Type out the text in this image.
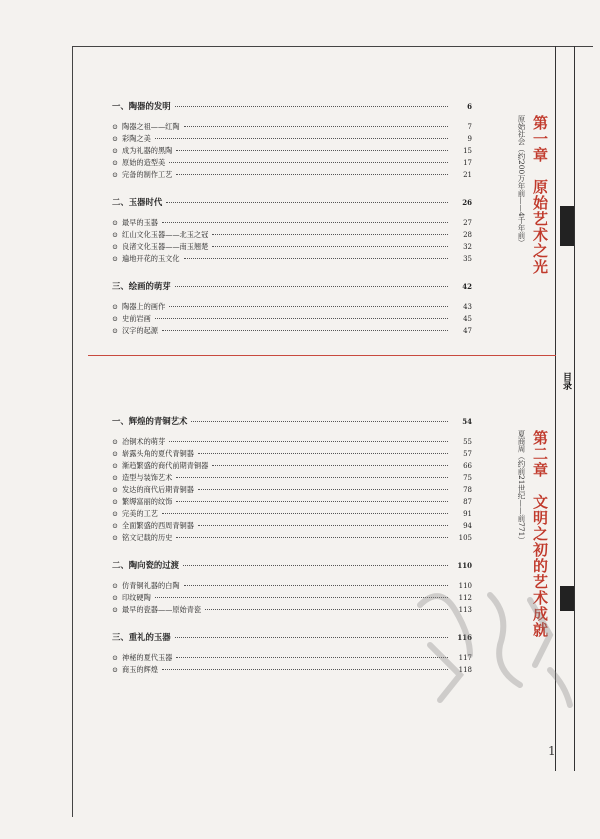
一、陶器的发明	6
⊙ 陶器之祖——红陶	7
⊙ 彩陶之美	9
⊙ 成为礼器的黑陶	15
⊙ 原始的造型美	17
⊙ 完备的制作工艺	21
二、玉器时代	26
⊙ 最早的玉器	27
⊙ 红山文化玉器——北玉之冠	28
⊙ 良渚文化玉器——南玉翘楚	32
⊙ 遍地开花的玉文化	35
三、绘画的萌芽	42
⊙ 陶器上的画作	43
⊙ 史前岩画	45
⊙ 汉字的起源	47
一、辉煌的青铜艺术	54
⊙ 冶铜术的萌芽	55
⊙ 崭露头角的夏代青铜器	57
⊙ 渐趋繁盛的商代前期青铜器	66
⊙ 造型与装饰艺术	75
⊙ 发达的商代后期青铜器	78
⊙ 繁缛富丽的纹饰	87
⊙ 完美的工艺	91
⊙ 全面繁盛的西周青铜器	94
⊙ 铭文记载的历史	105
二、陶向瓷的过渡	110
⊙ 仿青铜礼器的白陶	110
⊙ 印纹硬陶	112
⊙ 最早的瓷器——原始青瓷	113
三、重礼的玉器	116
⊙ 神秘的夏代玉器	117
⊙ 商玉的辉煌	118
第一章　原始艺术之光
原始社会（约200万年前——4千年前）
第二章　文明之初的艺术成就
夏商周（约前21世纪——前771）
目录
1
